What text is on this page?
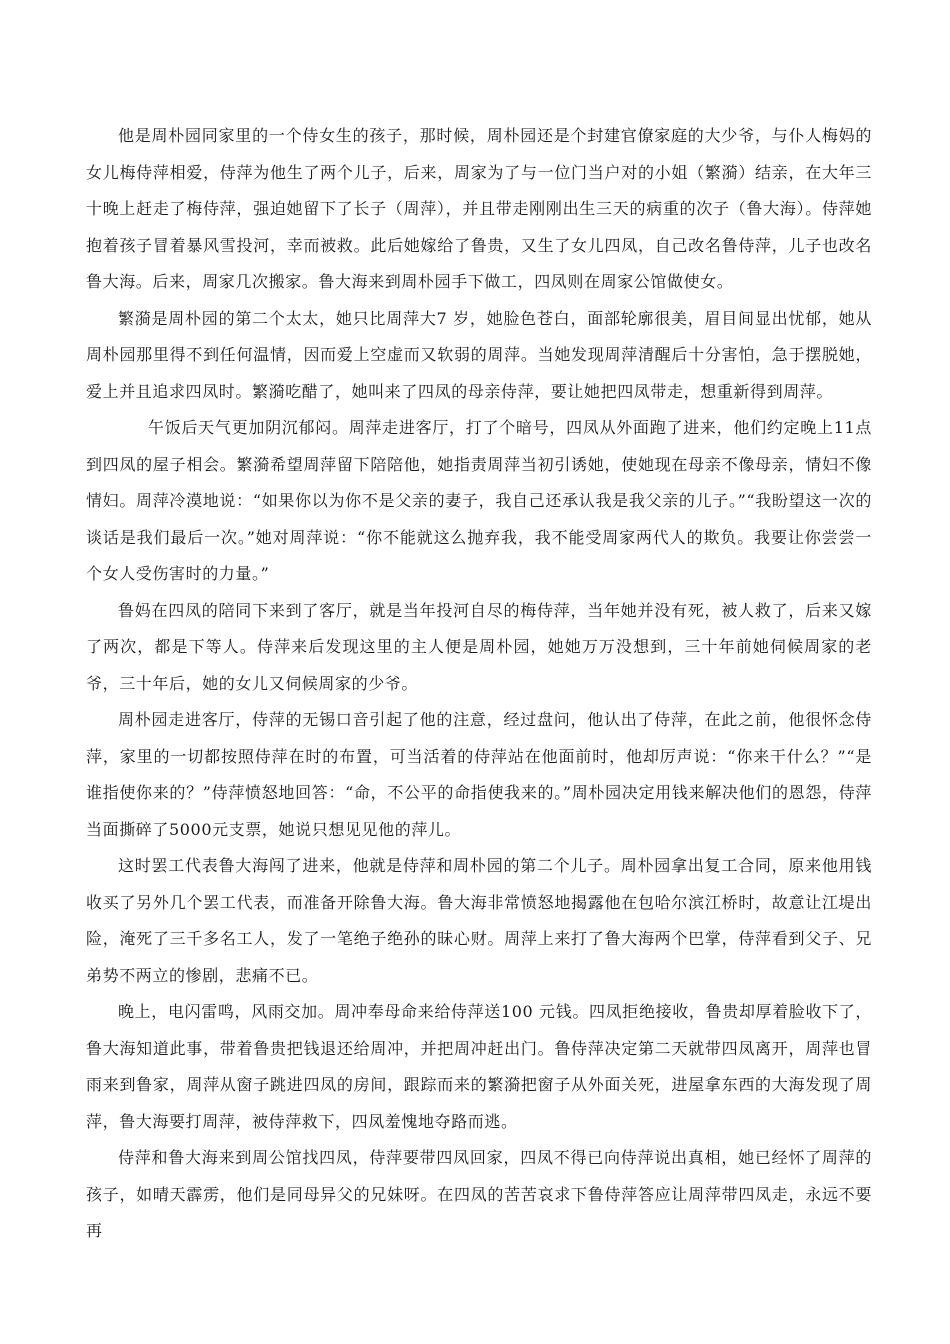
他是周朴园同家里的一个侍女生的孩子，那时候，周朴园还是个封建官僚家庭的大少爷，与仆人梅妈的女儿梅侍萍相爱，侍萍为他生了两个儿子，后来，周家为了与一位门当户对的小姐（繁漪）结亲，在大年三十晚上赶走了梅侍萍，强迫她留下了长子（周萍），并且带走刚刚出生三天的病重的次子（鲁大海）。侍萍她抱着孩子冒着暴风雪投河，幸而被救。此后她嫁给了鲁贵，又生了女儿四凤，自己改名鲁侍萍，儿子也改名鲁大海。后来，周家几次搬家。鲁大海来到周朴园手下做工，四凤则在周家公馆做使女。

繁漪是周朴园的第二个太太，她只比周萍大7 岁，她脸色苍白，面部轮廓很美，眉目间显出忧郁，她从周朴园那里得不到任何温情，因而爱上空虚而又软弱的周萍。当她发现周萍清醒后十分害怕，急于摆脱她，爱上并且追求四凤时。繁漪吃醋了，她叫来了四凤的母亲侍萍，要让她把四凤带走，想重新得到周萍。

午饭后天气更加阴沉郁闷。周萍走进客厅，打了个暗号，四凤从外面跑了进来，他们约定晚上11点到四凤的屋子相会。繁漪希望周萍留下陪陪他，她指责周萍当初引诱她，使她现在母亲不像母亲，情妇不像情妇。周萍冷漠地说：“如果你以为你不是父亲的妻子，我自己还承认我是我父亲的儿子。”“我盼望这一次的谈话是我们最后一次。”她对周萍说：“你不能就这么抛弃我，我不能受周家两代人的欺负。我要让你尝尝一个女人受伤害时的力量。”

鲁妈在四凤的陪同下来到了客厅，就是当年投河自尽的梅侍萍，当年她并没有死，被人救了，后来又嫁了两次，都是下等人。侍萍来后发现这里的主人便是周朴园，她她万万没想到，三十年前她伺候周家的老爷，三十年后，她的女儿又伺候周家的少爷。

周朴园走进客厅，侍萍的无锡口音引起了他的注意，经过盘问，他认出了侍萍，在此之前，他很怀念侍萍，家里的一切都按照侍萍在时的布置，可当活着的侍萍站在他面前时，他却厉声说：“你来干什么？”“是谁指使你来的？”侍萍愤怒地回答：“命，不公平的命指使我来的。”周朴园决定用钱来解决他们的恩怨，侍萍当面撕碎了5000元支票，她说只想见见他的萍儿。

这时罢工代表鲁大海闯了进来，他就是侍萍和周朴园的第二个儿子。周朴园拿出复工合同，原来他用钱收买了另外几个罢工代表，而准备开除鲁大海。鲁大海非常愤怒地揭露他在包哈尔滨江桥时，故意让江堤出险，淹死了三千多名工人，发了一笔绝子绝孙的昧心财。周萍上来打了鲁大海两个巴掌，侍萍看到父子、兄弟势不两立的惨剧，悲痛不已。

晚上，电闪雷鸣，风雨交加。周冲奉母命来给侍萍送100 元钱。四凤拒绝接收，鲁贵却厚着脸收下了，鲁大海知道此事，带着鲁贵把钱退还给周冲，并把周冲赶出门。鲁侍萍决定第二天就带四凤离开，周萍也冒雨来到鲁家，周萍从窗子跳进四凤的房间，跟踪而来的繁漪把窗子从外面关死，进屋拿东西的大海发现了周萍，鲁大海要打周萍，被侍萍救下，四凤羞愧地夺路而逃。

侍萍和鲁大海来到周公馆找四凤，侍萍要带四凤回家，四凤不得已向侍萍说出真相，她已经怀了周萍的孩子，如晴天霹雳，他们是同母异父的兄妹呀。在四凤的苦苦哀求下鲁侍萍答应让周萍带四凤走，永远不要再
